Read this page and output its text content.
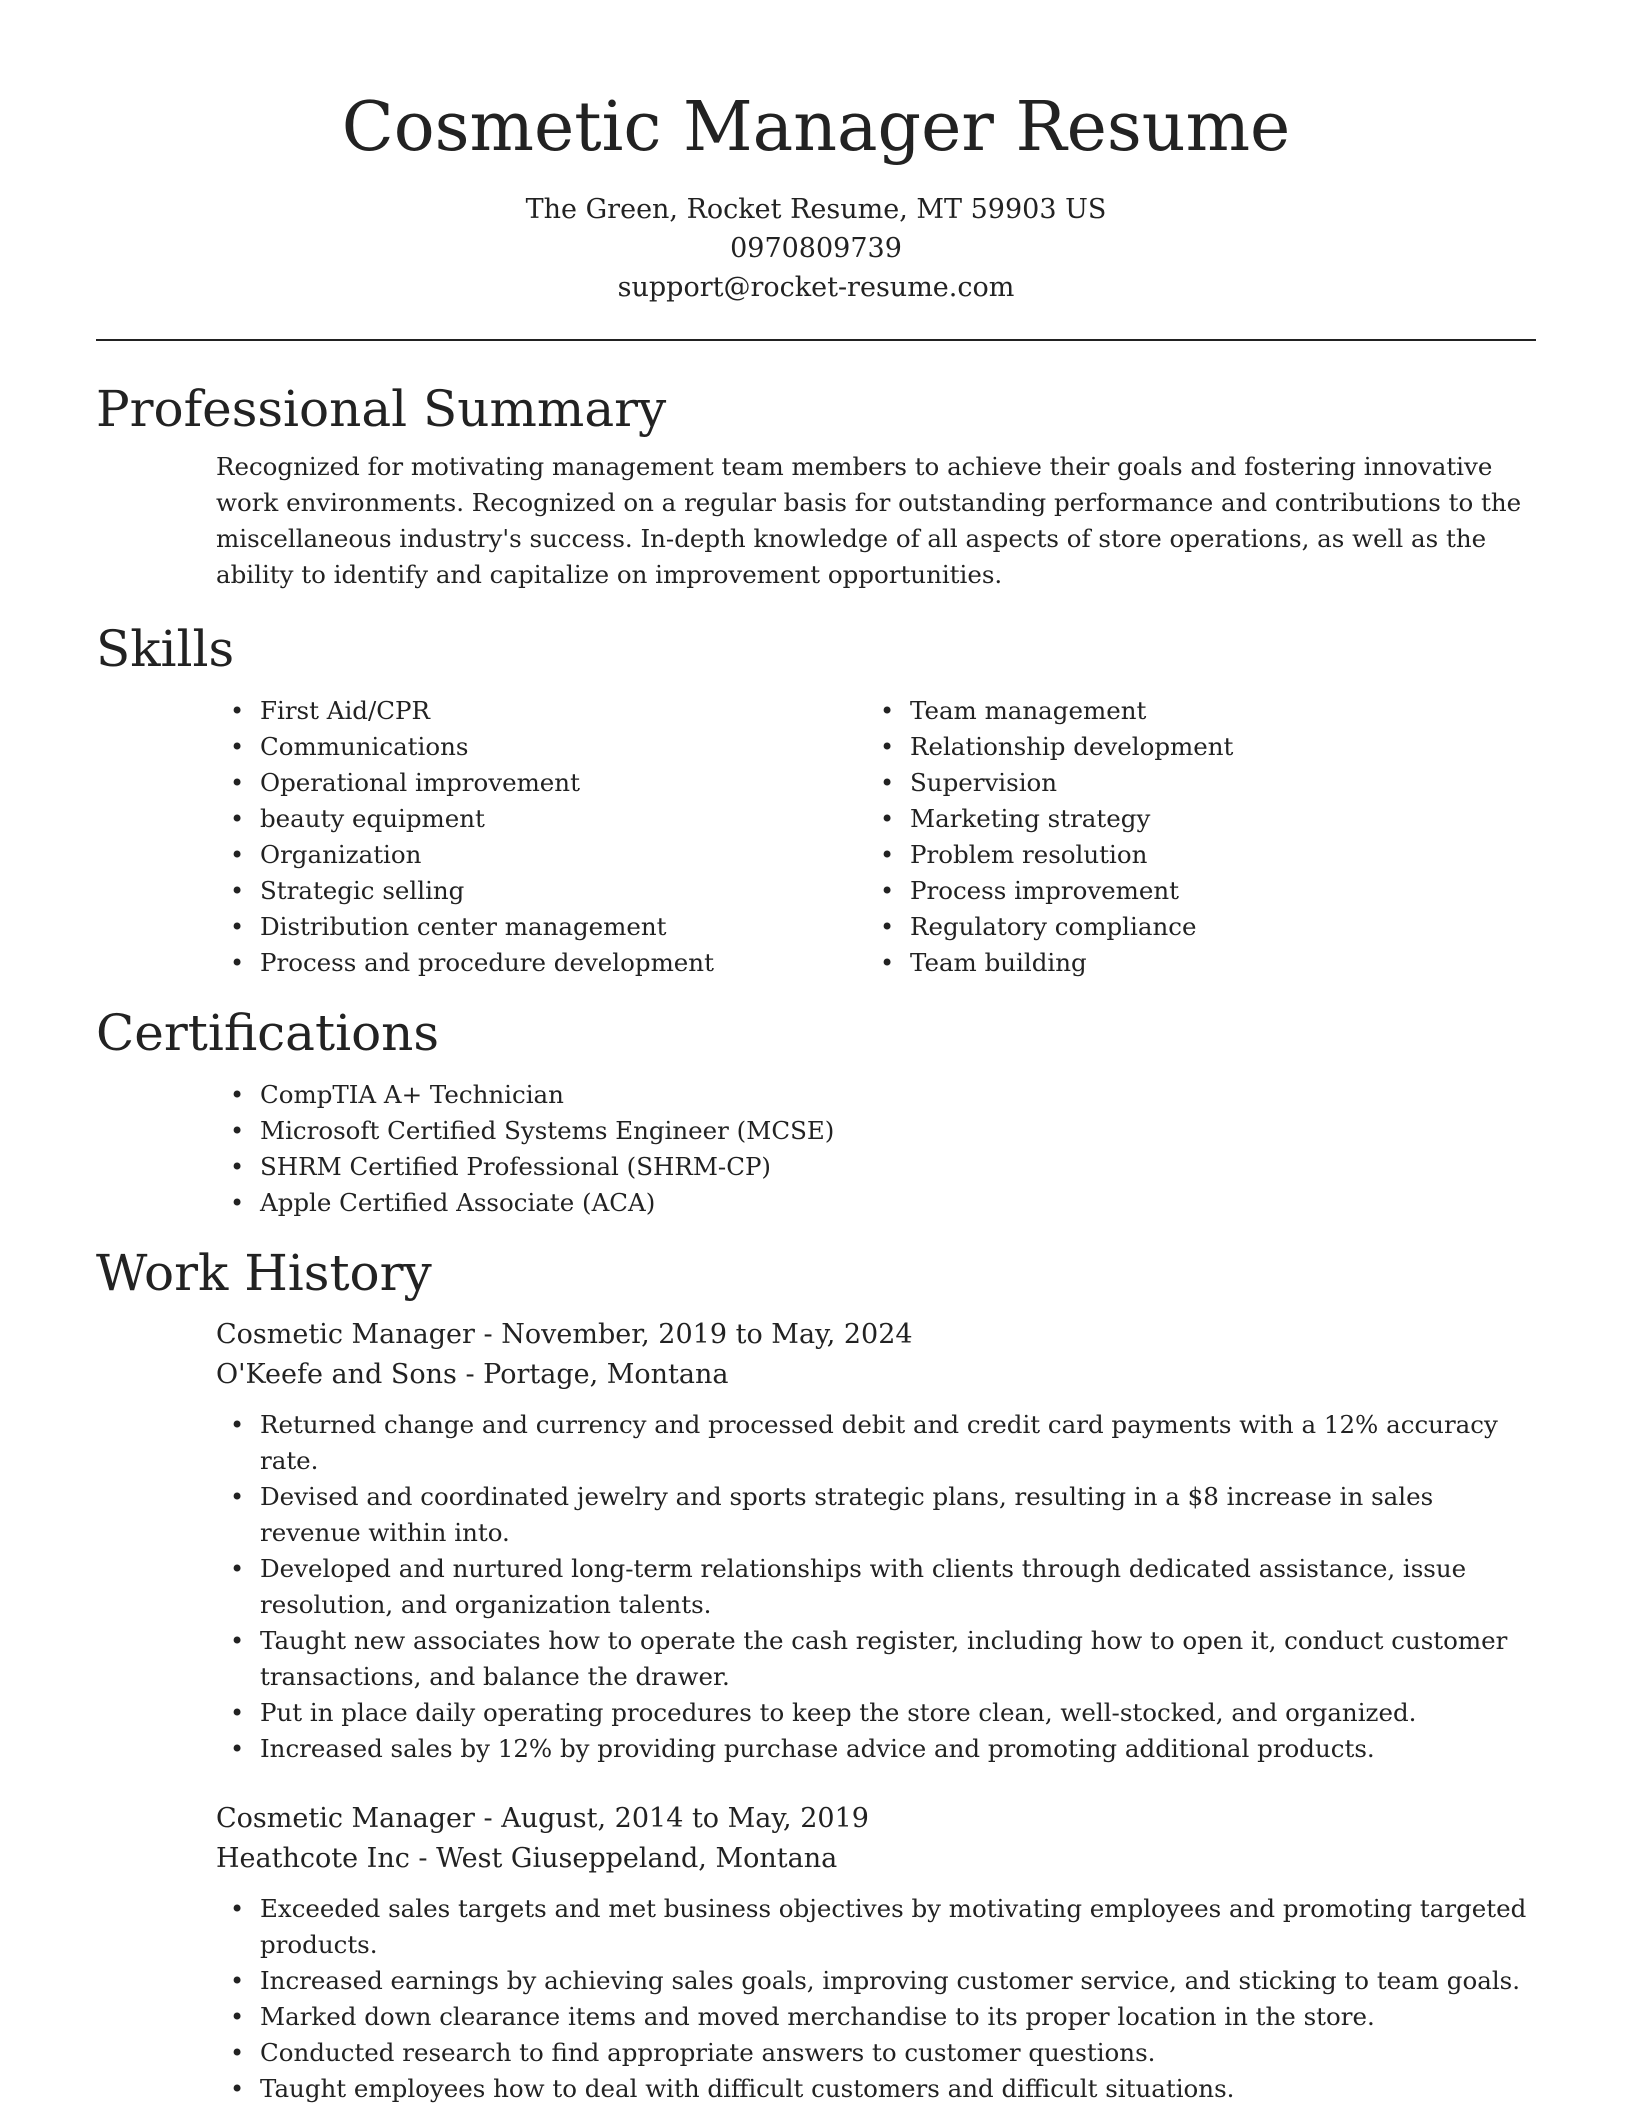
Cosmetic Manager Resume
The Green, Rocket Resume, MT 59903 US
0970809739
support@rocket-resume.com
Professional Summary

Recognized for motivating management team members to achieve their goals and fostering innovative work environments. Recognized on a regular basis for outstanding performance and contributions to the miscellaneous industry's success. In-depth knowledge of all aspects of store operations, as well as the ability to identify and capitalize on improvement opportunities.

Skills
• First Aid/CPR
• Communications
• Operational improvement
• beauty equipment
• Organization
• Strategic selling
• Distribution center management
• Process and procedure development
• Team management
• Relationship development
• Supervision
• Marketing strategy
• Problem resolution
• Process improvement
• Regulatory compliance
• Team building
Certifications
• CompTIA A+ Technician
• Microsoft Certified Systems Engineer (MCSE)
• SHRM Certified Professional (SHRM-CP)
• Apple Certified Associate (ACA)
Work History
Cosmetic Manager - November, 2019 to May, 2024
O'Keefe and Sons - Portage, Montana
• Returned change and currency and processed debit and credit card payments with a 12% accuracy rate.
• Devised and coordinated jewelry and sports strategic plans, resulting in a $8 increase in sales revenue within into.
• Developed and nurtured long-term relationships with clients through dedicated assistance, issue resolution, and organization talents.
• Taught new associates how to operate the cash register, including how to open it, conduct customer transactions, and balance the drawer.
• Put in place daily operating procedures to keep the store clean, well-stocked, and organized.
• Increased sales by 12% by providing purchase advice and promoting additional products.
Cosmetic Manager - August, 2014 to May, 2019
Heathcote Inc - West Giuseppeland, Montana
• Exceeded sales targets and met business objectives by motivating employees and promoting targeted products.
• Increased earnings by achieving sales goals, improving customer service, and sticking to team goals.
• Marked down clearance items and moved merchandise to its proper location in the store.
• Conducted research to find appropriate answers to customer questions.
• Taught employees how to deal with difficult customers and difficult situations.
